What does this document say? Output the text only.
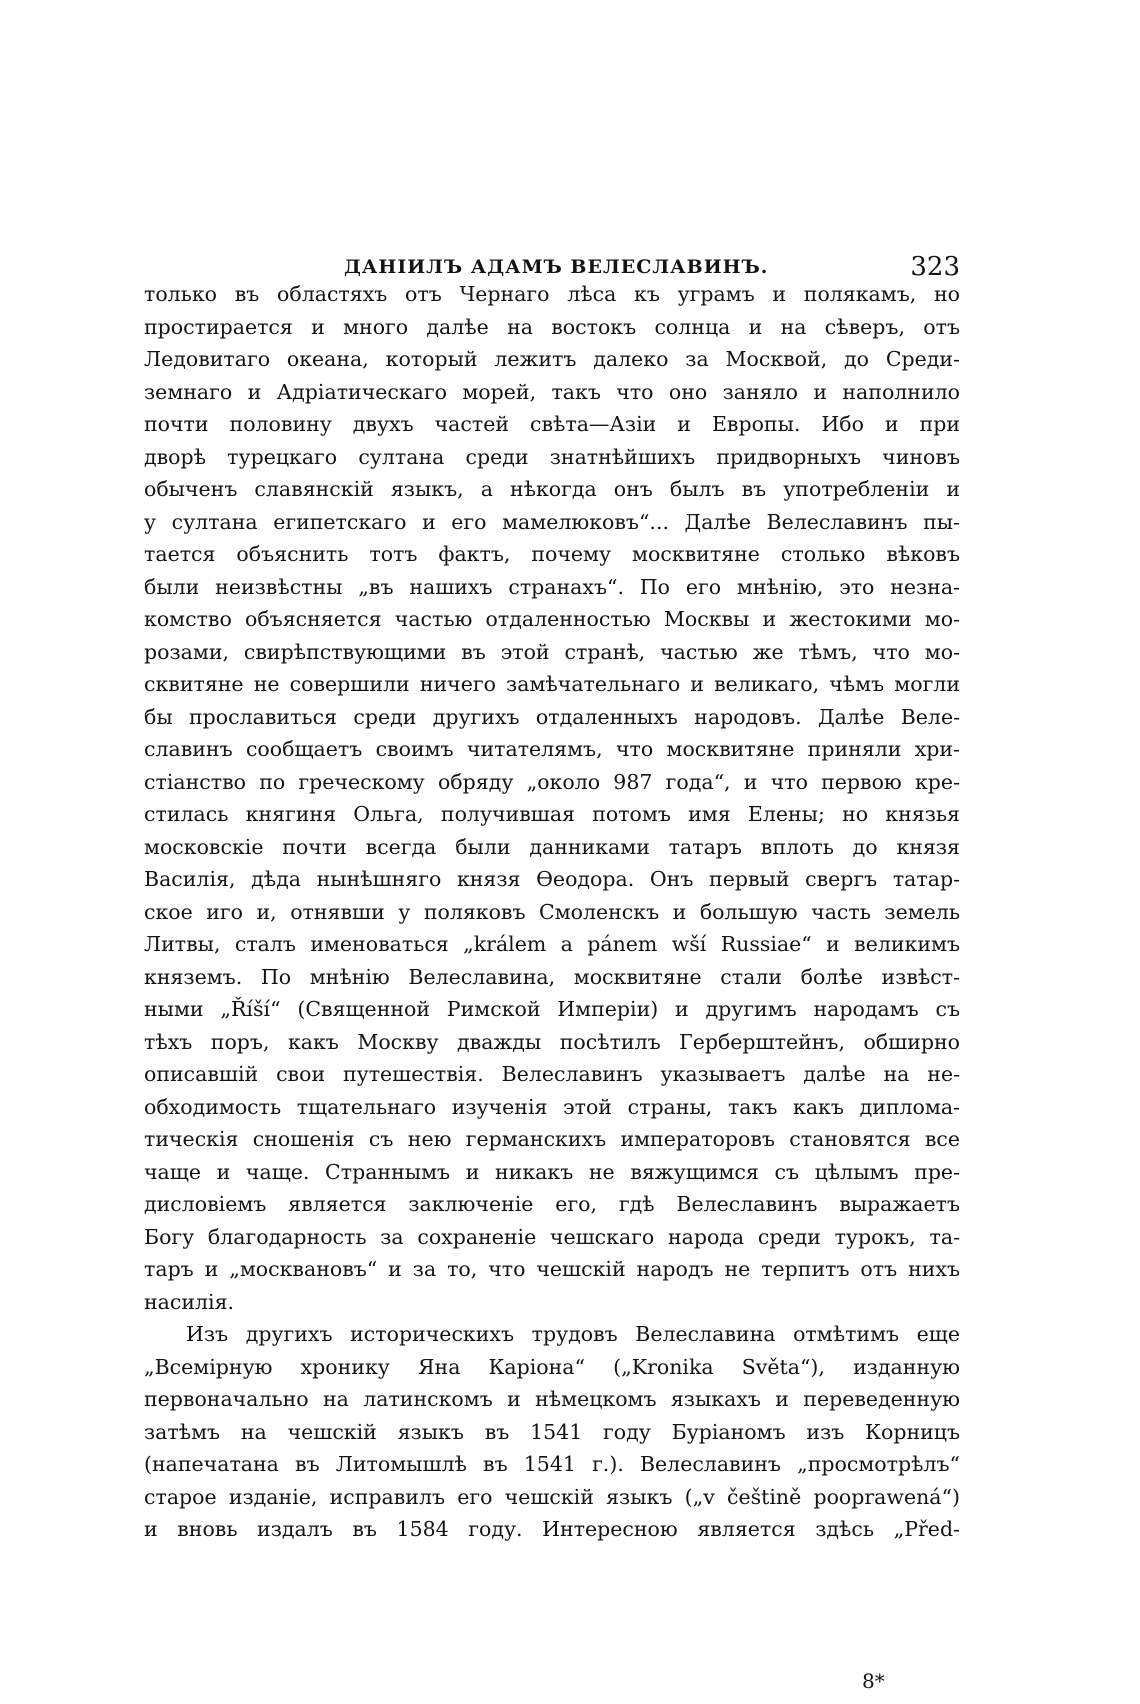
ДАНІИЛЪ АДАМЪ ВЕЛЕСЛАВИНЪ.	323
только въ областяхъ отъ Чернаго лѣса къ уграмъ и полякамъ, но
простирается и много далѣе на востокъ солнца и на сѣверъ, отъ
Ледовитаго океана, который лежитъ далеко за Москвой, до Среди-
земнаго и Адріатическаго морей, такъ что оно заняло и наполнило
почти половину двухъ частей свѣта—Азіи и Европы. Ибо и при
дворѣ турецкаго султана среди знатнѣйшихъ придворныхъ чиновъ
обыченъ славянскій языкъ, а нѣкогда онъ былъ въ употребленіи и
у султана египетскаго и его мамелюковъ“... Далѣе Велеславинъ пы-
тается объяснить тотъ фактъ, почему москвитяне столько вѣковъ
были неизвѣстны „въ нашихъ странахъ“. По его мнѣнію, это незна-
комство объясняется частью отдаленностью Москвы и жестокими мо-
розами, свирѣпствующими въ этой странѣ, частью же тѣмъ, что мо-
сквитяне не совершили ничего замѣчательнаго и великаго, чѣмъ могли
бы прославиться среди другихъ отдаленныхъ народовъ. Далѣе Веле-
славинъ сообщаетъ своимъ читателямъ, что москвитяне приняли хри-
стіанство по греческому обряду „около 987 года“, и что первою кре-
стилась княгиня Ольга, получившая потомъ имя Елены; но князья
московскіе почти всегда были данниками татаръ вплоть до князя
Василія, дѣда нынѣшняго князя Өеодора. Онъ первый свергъ татар-
ское иго и, отнявши у поляковъ Смоленскъ и большую часть земель
Литвы, сталъ именоваться „králem a pánem wší Russiae“ и великимъ
княземъ. По мнѣнію Велеславина, москвитяне стали болѣе извѣст-
ными „Říší“ (Священной Римской Имперіи) и другимъ народамъ съ
тѣхъ поръ, какъ Москву дважды посѣтилъ Герберштейнъ, обширно
описавшій свои путешествія. Велеславинъ указываетъ далѣе на не-
обходимость тщательнаго изученія этой страны, такъ какъ диплома-
тическія сношенія съ нею германскихъ императоровъ становятся все
чаще и чаще. Страннымъ и никакъ не вяжущимся съ цѣлымъ пре-
дисловіемъ является заключеніе его, гдѣ Велеславинъ выражаетъ
Богу благодарность за сохраненіе чешскаго народа среди турокъ, та-
таръ и „москвановъ“ и за то, что чешскій народъ не терпитъ отъ нихъ
насилія.
Изъ другихъ историческихъ трудовъ Велеславина отмѣтимъ еще
„Всемірную хронику Яна Каріона“ („Kronika Světa“), изданную
первоначально на латинскомъ и нѣмецкомъ языкахъ и переведенную
затѣмъ на чешскій языкъ въ 1541 году Буріаномъ изъ Корницъ
(напечатана въ Литомышлѣ въ 1541 г.). Велеславинъ „просмотрѣлъ“
старое изданіе, исправилъ его чешскій языкъ („v češtině pooprawená“)
и вновь издалъ въ 1584 году. Интересною является здѣсь „Před-
8*
